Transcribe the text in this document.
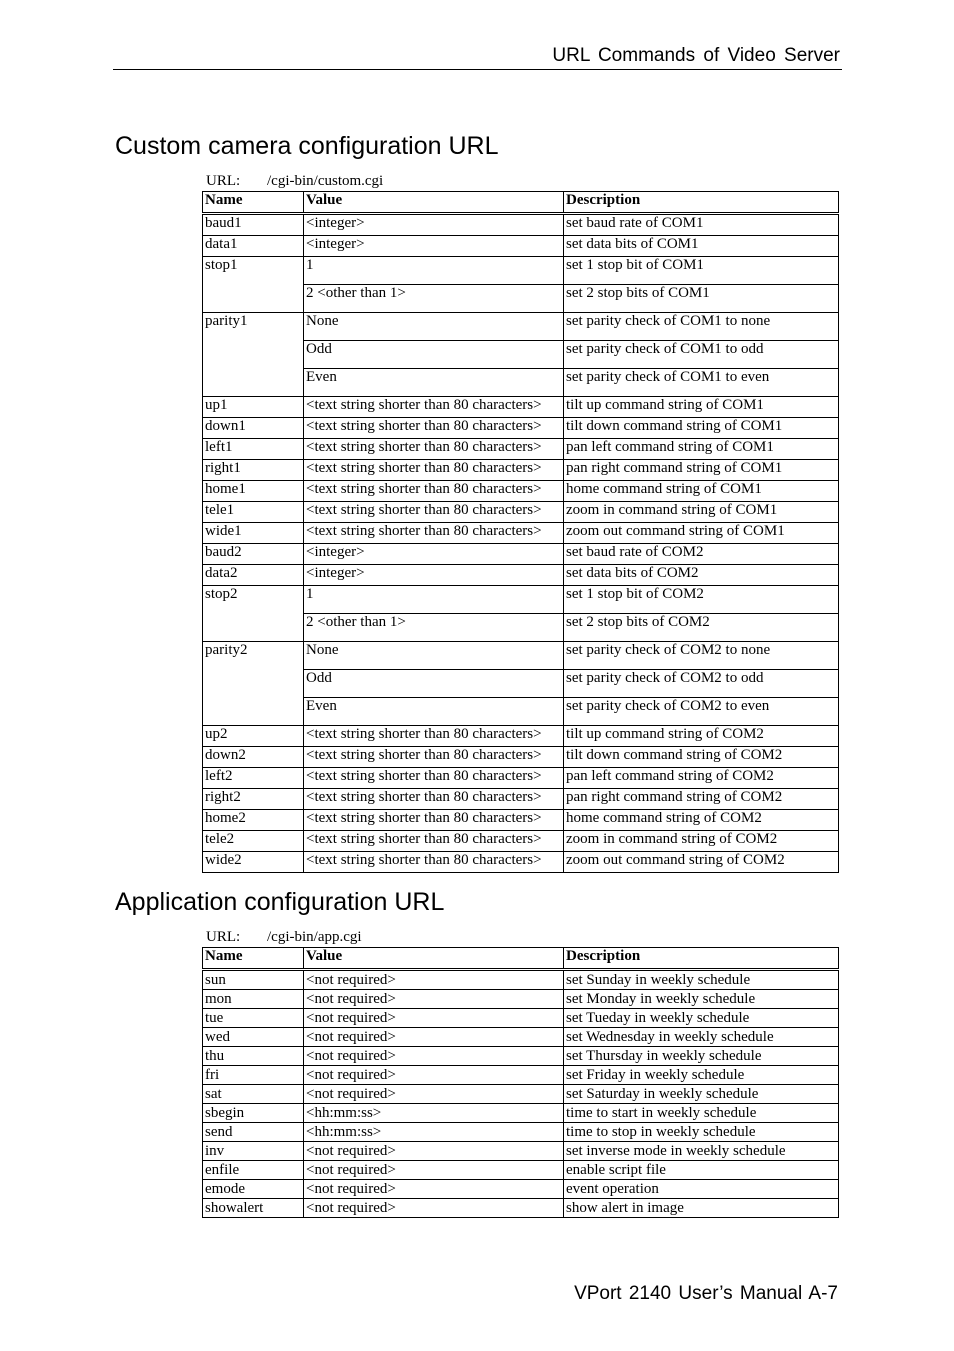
URL Commands of Video Server
Custom camera configuration URL
URL: /cgi-bin/custom.cgi
Name	Value	Description
baud1	<integer>	set baud rate of COM1
data1	<integer>	set data bits of COM1
stop1	1	set 1 stop bit of COM1
	2 <other than 1>	set 2 stop bits of COM1
parity1	None	set parity check of COM1 to none
	Odd	set parity check of COM1 to odd
	Even	set parity check of COM1 to even
up1	<text string shorter than 80 characters>	tilt up command string of COM1
down1	<text string shorter than 80 characters>	tilt down command string of COM1
left1	<text string shorter than 80 characters>	pan left command string of COM1
right1	<text string shorter than 80 characters>	pan right command string of COM1
home1	<text string shorter than 80 characters>	home command string of COM1
tele1	<text string shorter than 80 characters>	zoom in command string of COM1
wide1	<text string shorter than 80 characters>	zoom out command string of COM1
baud2	<integer>	set baud rate of COM2
data2	<integer>	set data bits of COM2
stop2	1	set 1 stop bit of COM2
	2 <other than 1>	set 2 stop bits of COM2
parity2	None	set parity check of COM2 to none
	Odd	set parity check of COM2 to odd
	Even	set parity check of COM2 to even
up2	<text string shorter than 80 characters>	tilt up command string of COM2
down2	<text string shorter than 80 characters>	tilt down command string of COM2
left2	<text string shorter than 80 characters>	pan left command string of COM2
right2	<text string shorter than 80 characters>	pan right command string of COM2
home2	<text string shorter than 80 characters>	home command string of COM2
tele2	<text string shorter than 80 characters>	zoom in command string of COM2
wide2	<text string shorter than 80 characters>	zoom out command string of COM2
Application configuration URL
URL: /cgi-bin/app.cgi
Name	Value	Description
sun	<not required>	set Sunday in weekly schedule
mon	<not required>	set Monday in weekly schedule
tue	<not required>	set Tueday in weekly schedule
wed	<not required>	set Wednesday in weekly schedule
thu	<not required>	set Thursday in weekly schedule
fri	<not required>	set Friday in weekly schedule
sat	<not required>	set Saturday in weekly schedule
sbegin	<hh:mm:ss>	time to start in weekly schedule
send	<hh:mm:ss>	time to stop in weekly schedule
inv	<not required>	set inverse mode in weekly schedule
enfile	<not required>	enable script file
emode	<not required>	event operation
showalert	<not required>	show alert in image
VPort 2140 User’s Manual A-7
